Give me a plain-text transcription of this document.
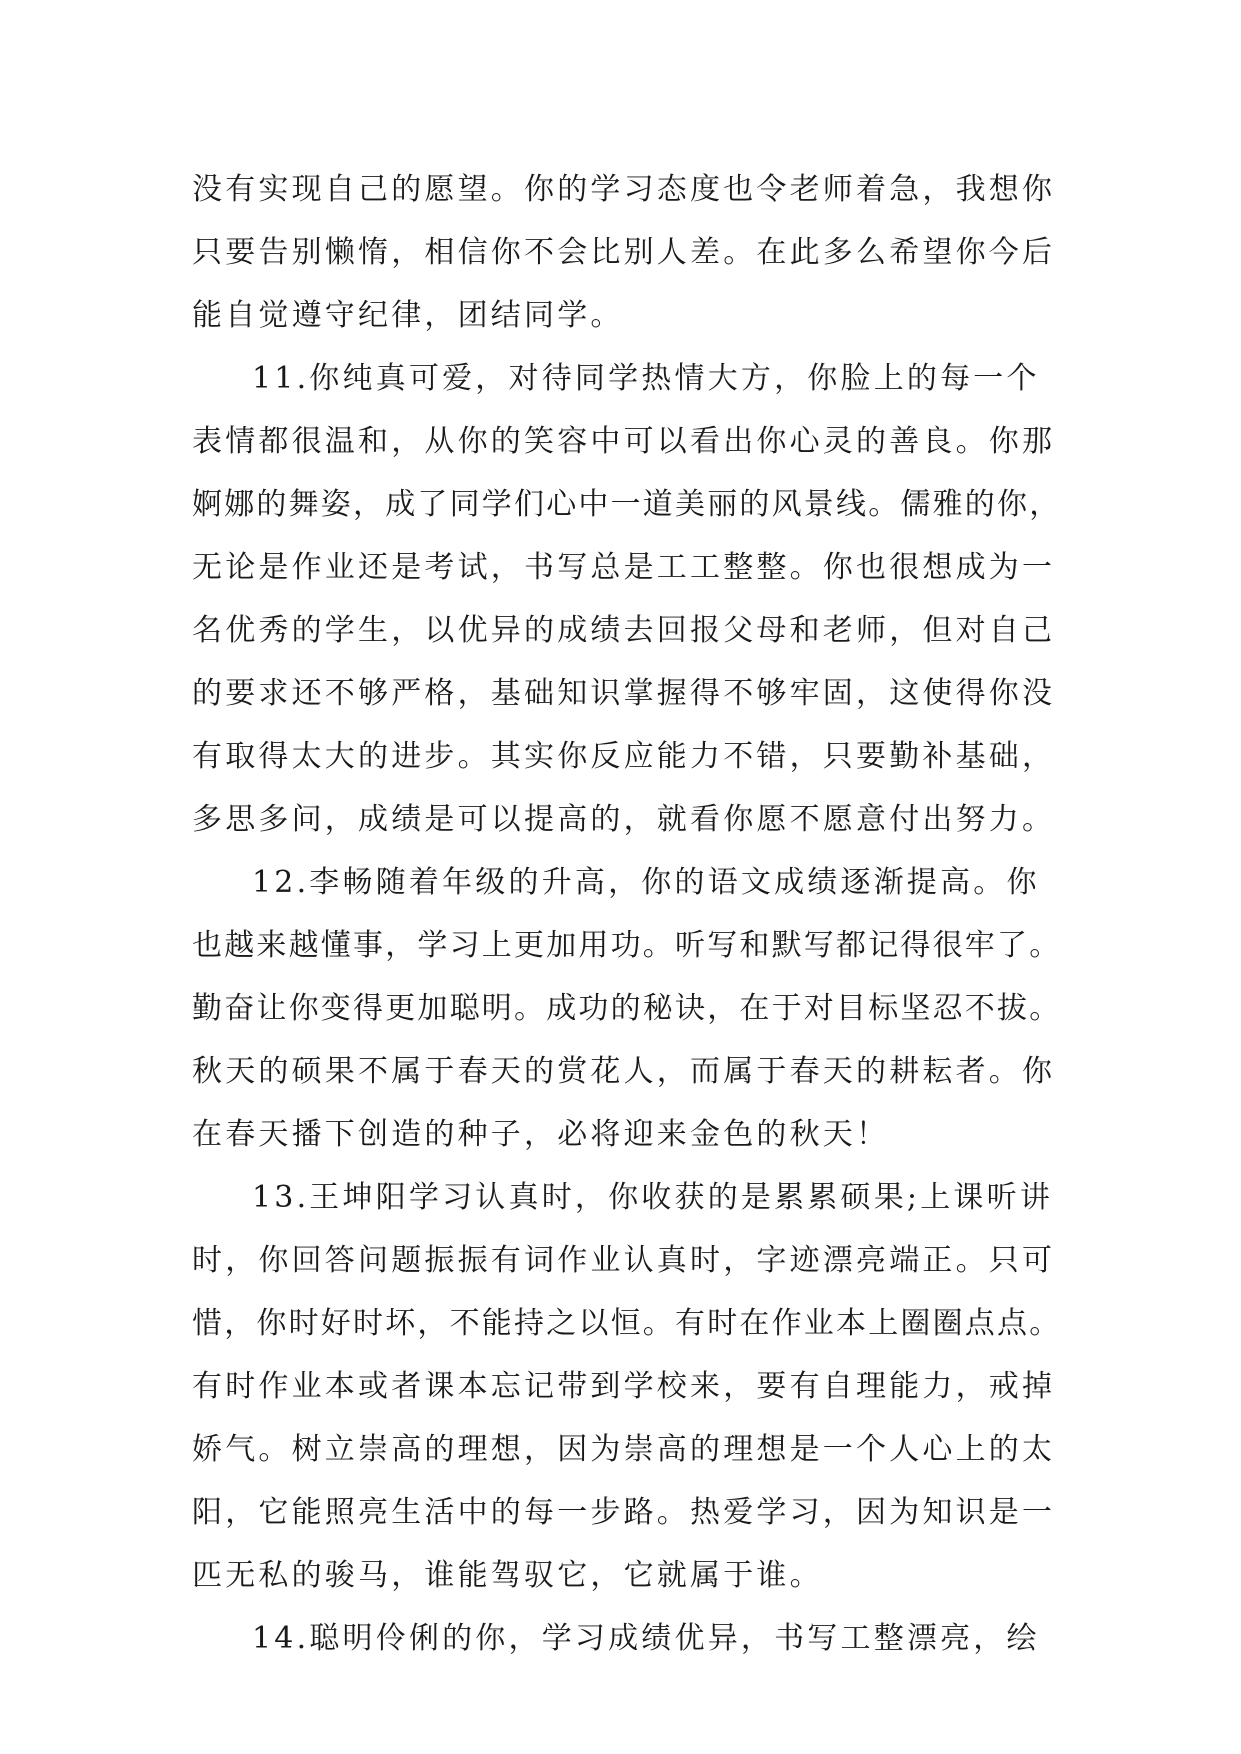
没有实现自己的愿望。你的学习态度也令老师着急，我想你
只要告别懒惰，相信你不会比别人差。在此多么希望你今后
能自觉遵守纪律，团结同学。
11.你纯真可爱，对待同学热情大方，你脸上的每一个
表情都很温和，从你的笑容中可以看出你心灵的善良。你那
婀娜的舞姿，成了同学们心中一道美丽的风景线。儒雅的你，
无论是作业还是考试，书写总是工工整整。你也很想成为一
名优秀的学生，以优异的成绩去回报父母和老师，但对自己
的要求还不够严格，基础知识掌握得不够牢固，这使得你没
有取得太大的进步。其实你反应能力不错，只要勤补基础，
多思多问，成绩是可以提高的，就看你愿不愿意付出努力。
12.李畅随着年级的升高，你的语文成绩逐渐提高。你
也越来越懂事，学习上更加用功。听写和默写都记得很牢了。
勤奋让你变得更加聪明。成功的秘诀，在于对目标坚忍不拔。
秋天的硕果不属于春天的赏花人，而属于春天的耕耘者。你
在春天播下创造的种子，必将迎来金色的秋天！
13.王坤阳学习认真时，你收获的是累累硕果;上课听讲
时，你回答问题振振有词作业认真时，字迹漂亮端正。只可
惜，你时好时坏，不能持之以恒。有时在作业本上圈圈点点。
有时作业本或者课本忘记带到学校来，要有自理能力，戒掉
娇气。树立崇高的理想，因为崇高的理想是一个人心上的太
阳，它能照亮生活中的每一步路。热爱学习，因为知识是一
匹无私的骏马，谁能驾驭它，它就属于谁。
14.聪明伶俐的你，学习成绩优异，书写工整漂亮，绘
